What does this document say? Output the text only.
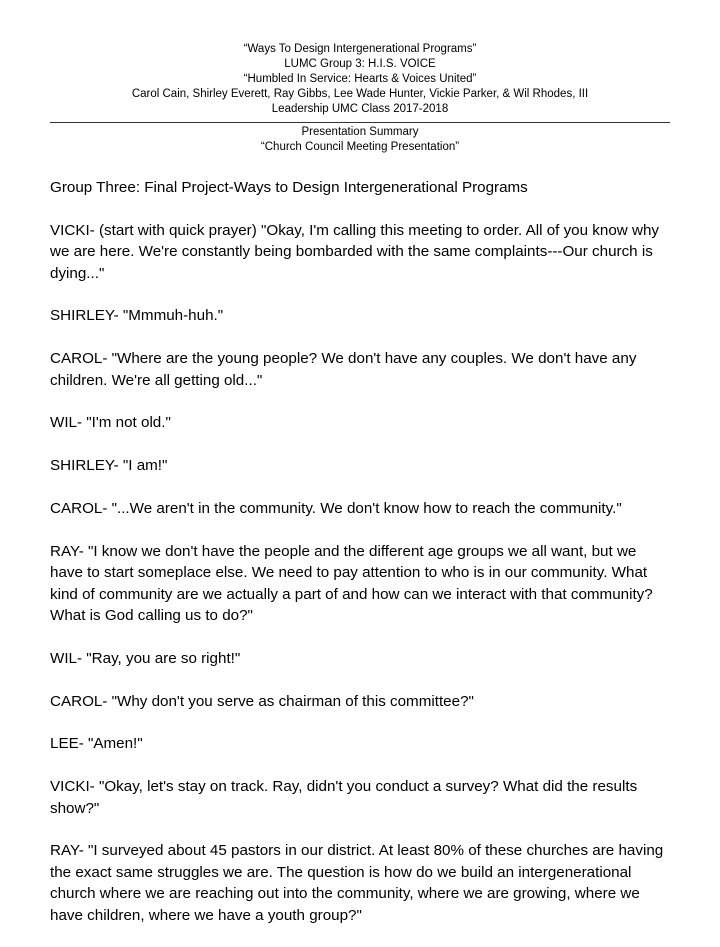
“Ways To Design Intergenerational Programs”
LUMC Group 3: H.I.S. VOICE
“Humbled In Service: Hearts & Voices United”
Carol Cain, Shirley Everett, Ray Gibbs, Lee Wade Hunter, Vickie Parker, & Wil Rhodes, III
Leadership UMC Class 2017-2018
Presentation Summary
“Church Council Meeting Presentation”

Group Three: Final Project-Ways to Design Intergenerational Programs

VICKI- (start with quick prayer) "Okay, I'm calling this meeting to order. All of you know why we are here. We're constantly being bombarded with the same complaints---Our church is dying..."

SHIRLEY- "Mmmuh-huh."

CAROL- "Where are the young people? We don't have any couples. We don't have any children. We're all getting old..."

WIL- "I'm not old."

SHIRLEY- "I am!"

CAROL- "...We aren't in the community. We don't know how to reach the community."

RAY- "I know we don't have the people and the different age groups we all want, but we have to start someplace else. We need to pay attention to who is in our community. What kind of community are we actually a part of and how can we interact with that community? What is God calling us to do?"

WIL- "Ray, you are so right!"

CAROL- "Why don't you serve as chairman of this committee?"

LEE- "Amen!"

VICKI- "Okay, let's stay on track. Ray, didn't you conduct a survey? What did the results show?"

RAY- "I surveyed about 45 pastors in our district. At least 80% of these churches are having the exact same struggles we are. The question is how do we build an intergenerational church where we are reaching out into the community, where we are growing, where we have children, where we have a youth group?"
